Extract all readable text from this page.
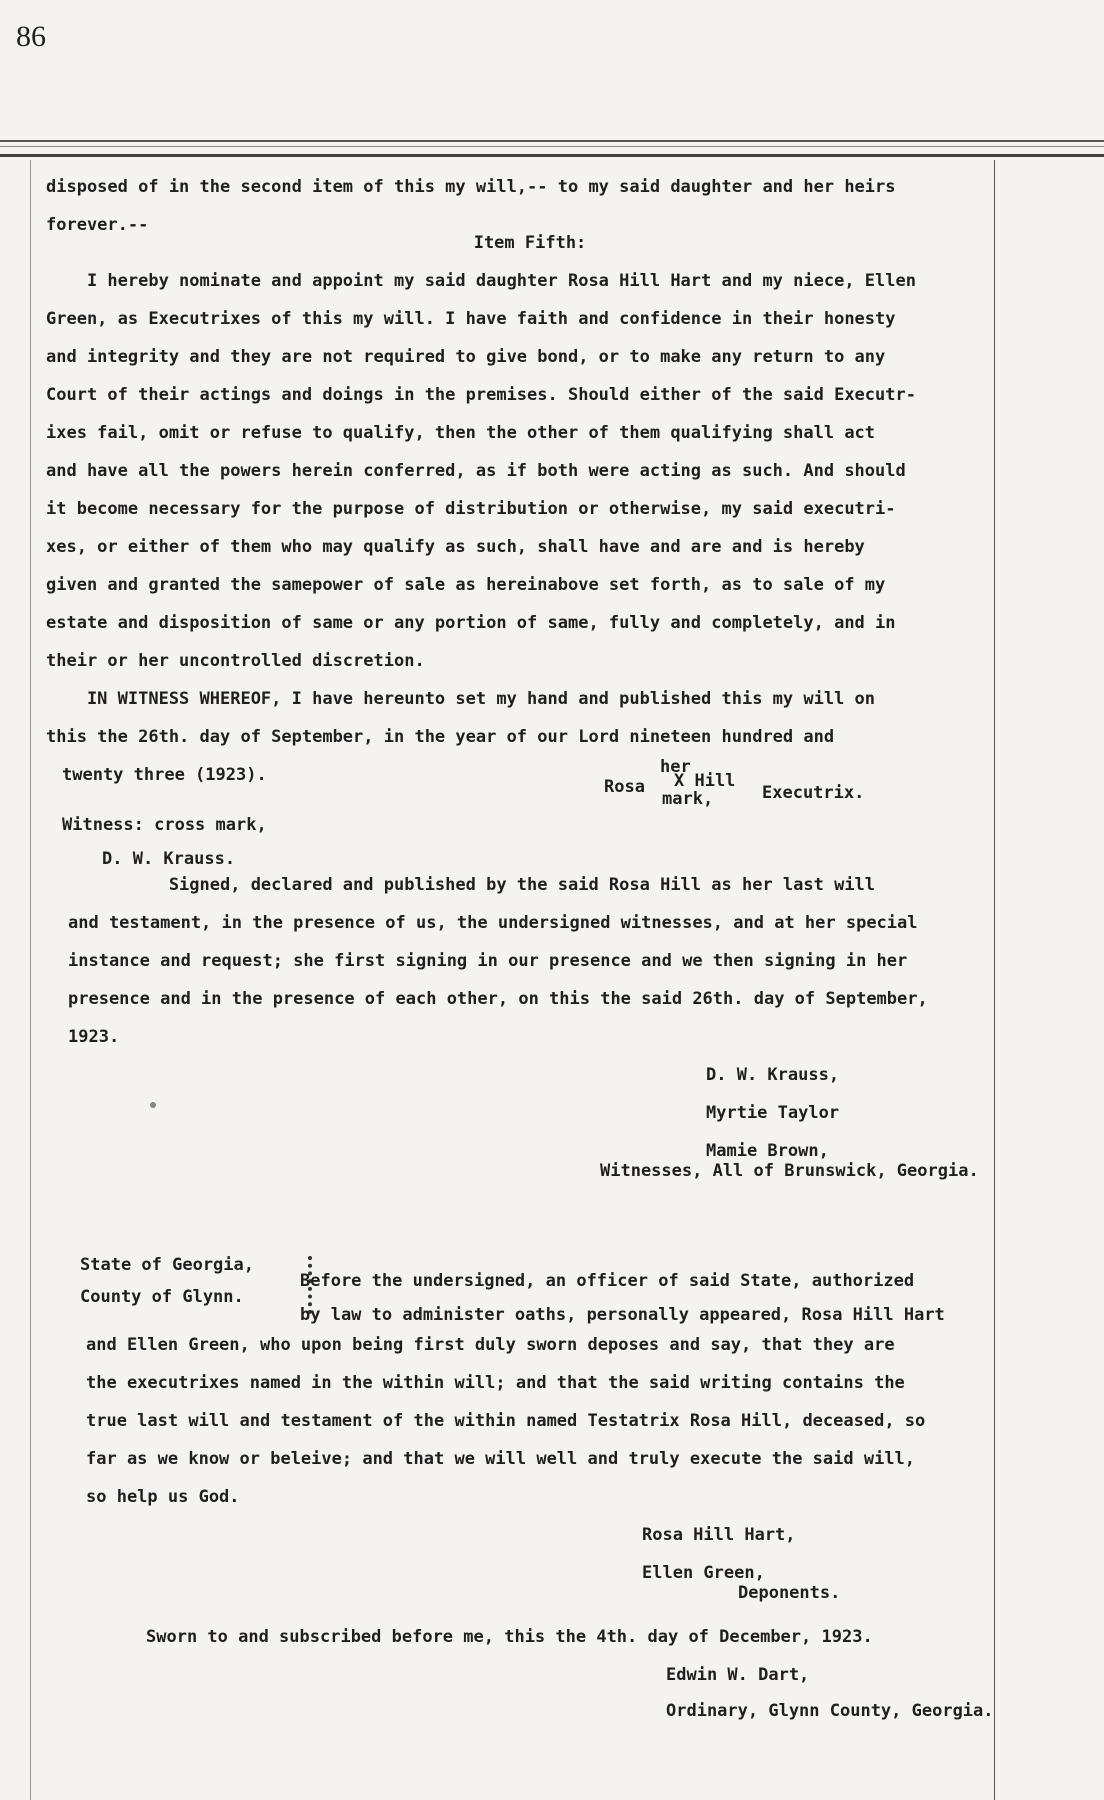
86
disposed of in the second item of this my will,-- to my said daughter and her heirs
forever.--
Item Fifth:
I hereby nominate and appoint my said daughter Rosa Hill Hart and my niece, Ellen
Green, as Executrixes of this my will. I have faith and confidence in their honesty
and integrity and they are not required to give bond, or to make any return to any
Court of their actings and doings in the premises. Should either of the said Executr-
ixes fail, omit or refuse to qualify, then the other of them qualifying shall act
and have all the powers herein conferred, as if both were acting as such. And should
it become necessary for the purpose of distribution or otherwise, my said executri-
xes, or either of them who may qualify as such, shall have and are and is hereby
given and granted the samepower of sale as hereinabove set forth, as to sale of my
estate and disposition of same or any portion of same, fully and completely, and in
their or her uncontrolled discretion.
IN WITNESS WHEREOF, I have hereunto set my hand and published this my will on
this the 26th. day of September, in the year of our Lord nineteen hundred and
twenty three (1923).	her
Rosa X Hill
mark,	Executrix.
Witness: cross mark,
D. W. Krauss.
Signed, declared and published by the said Rosa Hill as her last will
and testament, in the presence of us, the undersigned witnesses, and at her special
instance and request; she first signing in our presence and we then signing in her
presence and in the presence of each other, on this the said 26th. day of September,
1923.
D. W. Krauss,
Myrtie Taylor
Mamie Brown,
Witnesses, All of Brunswick, Georgia.
State of Georgia,
County of Glynn.
Before the undersigned, an officer of said State, authorized
by law to administer oaths, personally appeared, Rosa Hill Hart
and Ellen Green, who upon being first duly sworn deposes and say, that they are
the executrixes named in the within will; and that the said writing contains the
true last will and testament of the within named Testatrix Rosa Hill, deceased, so
far as we know or beleive; and that we will well and truly execute the said will,
so help us God.
Rosa Hill Hart,
Ellen Green,
Deponents.
Sworn to and subscribed before me, this the 4th. day of December, 1923.
Edwin W. Dart,
Ordinary, Glynn County, Georgia.
